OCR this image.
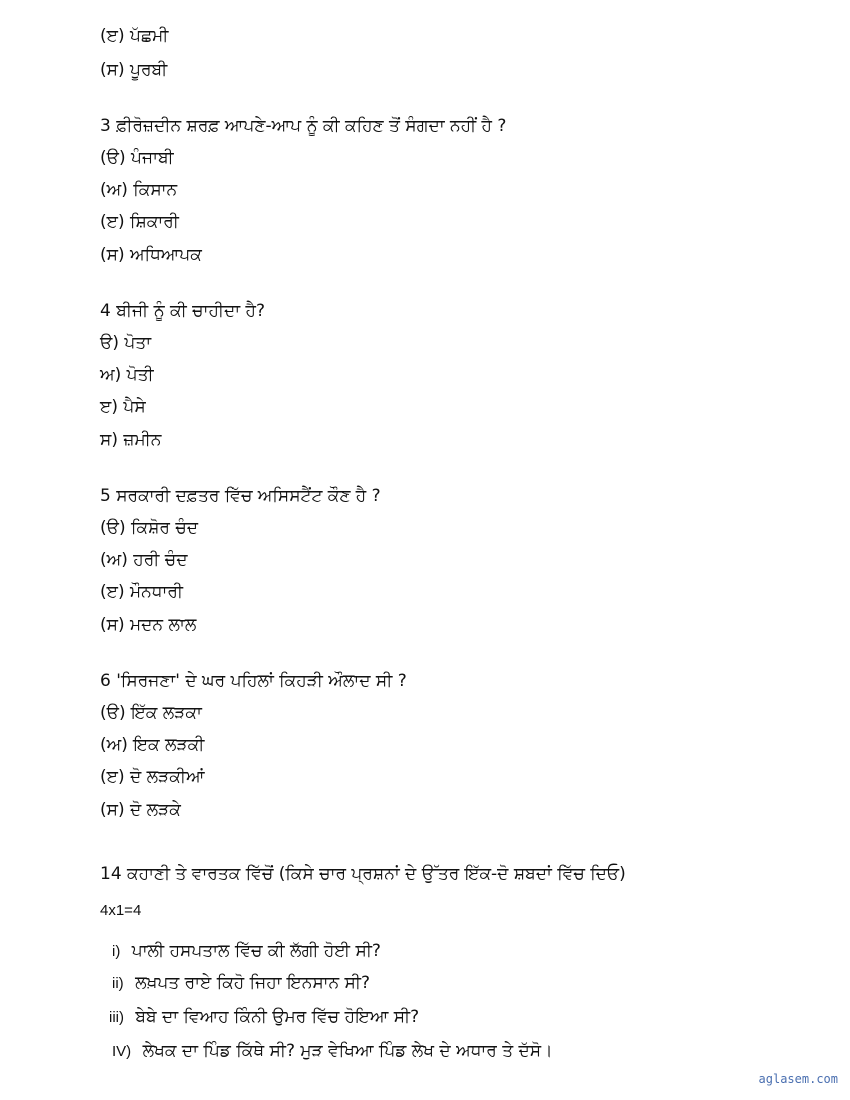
(ੲ) ਪੱਛਮੀ
(ਸ) ਪੂਰਬੀ
3 ਫ਼ੀਰੋਜ਼ਦੀਨ ਸ਼ਰਫ਼ ਆਪਣੇ-ਆਪ ਨੂੰ ਕੀ ਕਹਿਣ ਤੋਂ ਸੰਗਦਾ ਨਹੀਂ ਹੈ ?
(ੳ) ਪੰਜਾਬੀ
(ਅ) ਕਿਸਾਨ
(ੲ) ਸ਼ਿਕਾਰੀ
(ਸ) ਅਧਿਆਪਕ
4 ਬੀਜੀ ਨੂੰ ਕੀ ਚਾਹੀਦਾ ਹੈ?
ੳ) ਪੋਤਾ
ਅ) ਪੋਤੀ
ੲ) ਪੈਸੇ
ਸ) ਜ਼ਮੀਨ
5 ਸਰਕਾਰੀ ਦਫ਼ਤਰ ਵਿੱਚ ਅਸਿਸਟੈਂਟ ਕੌਣ ਹੈ ?
(ੳ) ਕਿਸ਼ੋਰ ਚੰਦ
(ਅ) ਹਰੀ ਚੰਦ
(ੲ) ਮੌਨਧਾਰੀ
(ਸ) ਮਦਨ ਲਾਲ
6 'ਸਿਰਜਣਾ' ਦੇ ਘਰ ਪਹਿਲਾਂ ਕਿਹੜੀ ਔਲਾਦ ਸੀ ?
(ੳ) ਇੱਕ ਲੜਕਾ
(ਅ) ਇਕ ਲੜਕੀ
(ੲ) ਦੋ ਲੜਕੀਆਂ
(ਸ) ਦੋ ਲੜਕੇ
14 ਕਹਾਣੀ ਤੇ ਵਾਰਤਕ ਵਿੱਚੋਂ (ਕਿਸੇ ਚਾਰ ਪ੍ਰਸ਼ਨਾਂ ਦੇ ਉੱਤਰ ਇੱਕ-ਦੋ ਸ਼ਬਦਾਂ ਵਿੱਚ ਦਿਓ)
4x1=4
i) ਪਾਲੀ ਹਸਪਤਾਲ ਵਿੱਚ ਕੀ ਲੱਗੀ ਹੋਈ ਸੀ?
ii) ਲਖ਼ਪਤ ਰਾਏ ਕਿਹੋ ਜਿਹਾ ਇਨਸਾਨ ਸੀ?
iii) ਬੇਬੇ ਦਾ ਵਿਆਹ ਕਿੰਨੀ ਉਮਰ ਵਿੱਚ ਹੋਇਆ ਸੀ?
IV) ਲੇਖਕ ਦਾ ਪਿੰਡ ਕਿੱਥੇ ਸੀ? ਮੁੜ ਵੇਖਿਆ ਪਿੰਡ ਲੇਖ ਦੇ ਅਧਾਰ ਤੇ ਦੱਸੋ।
aglasem.com
